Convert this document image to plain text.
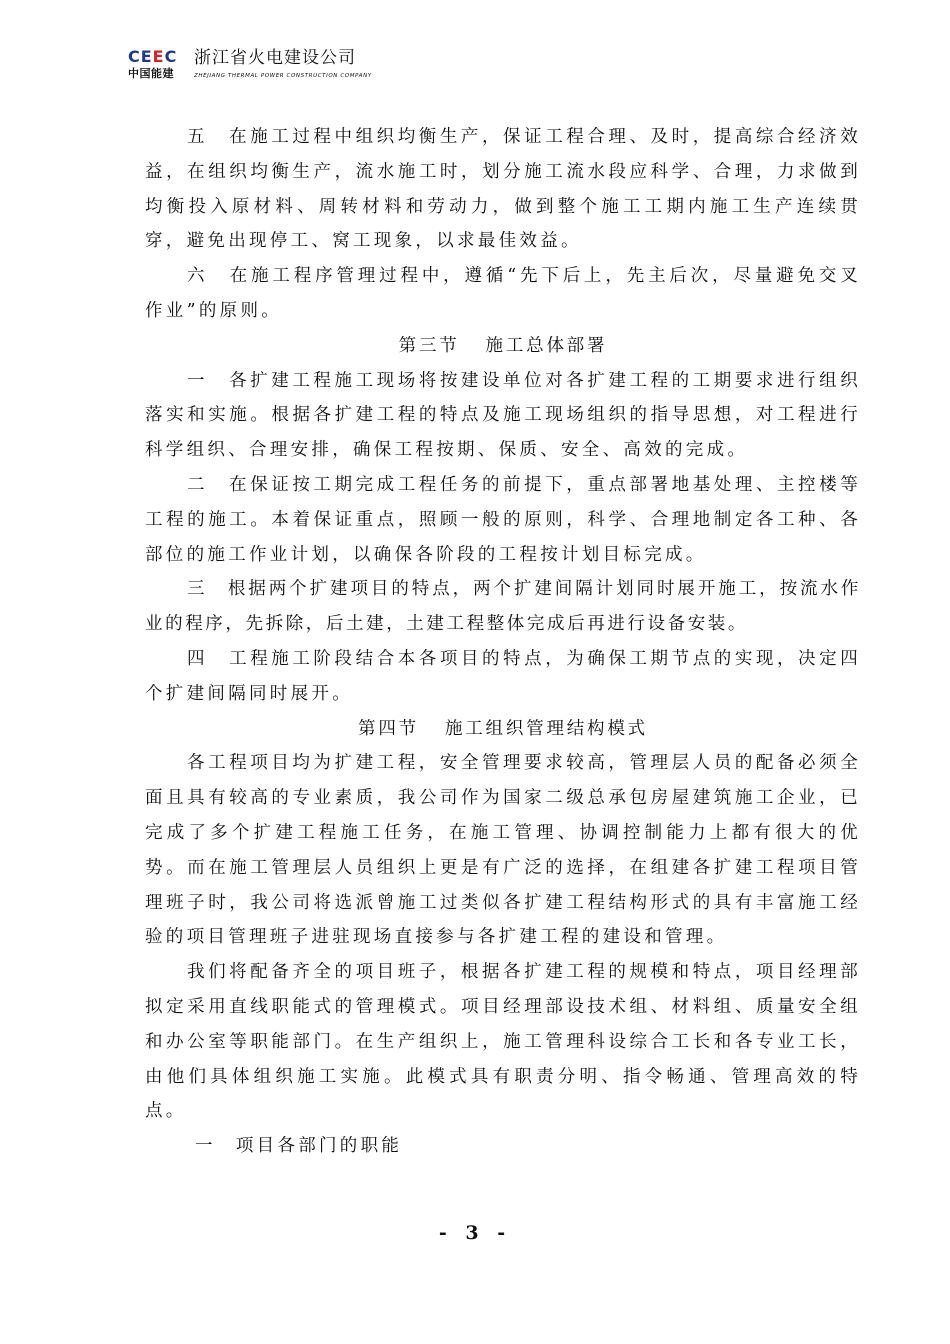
CEEC
中国能建
浙江省火电建设公司
ZHEJIANG THERMAL POWER CONSTRUCTION COMPANY

五　在施工过程中组织均衡生产，保证工程合理、及时，提高综合经济效益，在组织均衡生产，流水施工时，划分施工流水段应科学、合理，力求做到均衡投入原材料、周转材料和劳动力，做到整个施工工期内施工生产连续贯穿，避免出现停工、窝工现象，以求最佳效益。

六　在施工程序管理过程中，遵循“先下后上，先主后次，尽量避免交叉作业”的原则。

第三节 施工总体部署

一　各扩建工程施工现场将按建设单位对各扩建工程的工期要求进行组织落实和实施。根据各扩建工程的特点及施工现场组织的指导思想，对工程进行科学组织、合理安排，确保工程按期、保质、安全、高效的完成。

二　在保证按工期完成工程任务的前提下，重点部署地基处理、主控楼等工程的施工。本着保证重点，照顾一般的原则，科学、合理地制定各工种、各部位的施工作业计划，以确保各阶段的工程按计划目标完成。

三　根据两个扩建项目的特点，两个扩建间隔计划同时展开施工，按流水作业的程序，先拆除，后土建，土建工程整体完成后再进行设备安装。

四　工程施工阶段结合本各项目的特点，为确保工期节点的实现，决定四个扩建间隔同时展开。

第四节 施工组织管理结构模式

各工程项目均为扩建工程，安全管理要求较高，管理层人员的配备必须全面且具有较高的专业素质，我公司作为国家二级总承包房屋建筑施工企业，已完成了多个扩建工程施工任务，在施工管理、协调控制能力上都有很大的优势。而在施工管理层人员组织上更是有广泛的选择，在组建各扩建工程项目管理班子时，我公司将选派曾施工过类似各扩建工程结构形式的具有丰富施工经验的项目管理班子进驻现场直接参与各扩建工程的建设和管理。

我们将配备齐全的项目班子，根据各扩建工程的规模和特点，项目经理部拟定采用直线职能式的管理模式。项目经理部设技术组、材料组、质量安全组和办公室等职能部门。在生产组织上，施工管理科设综合工长和各专业工长，由他们具体组织施工实施。此模式具有职责分明、指令畅通、管理高效的特点。

一 项目各部门的职能

- 3 -
